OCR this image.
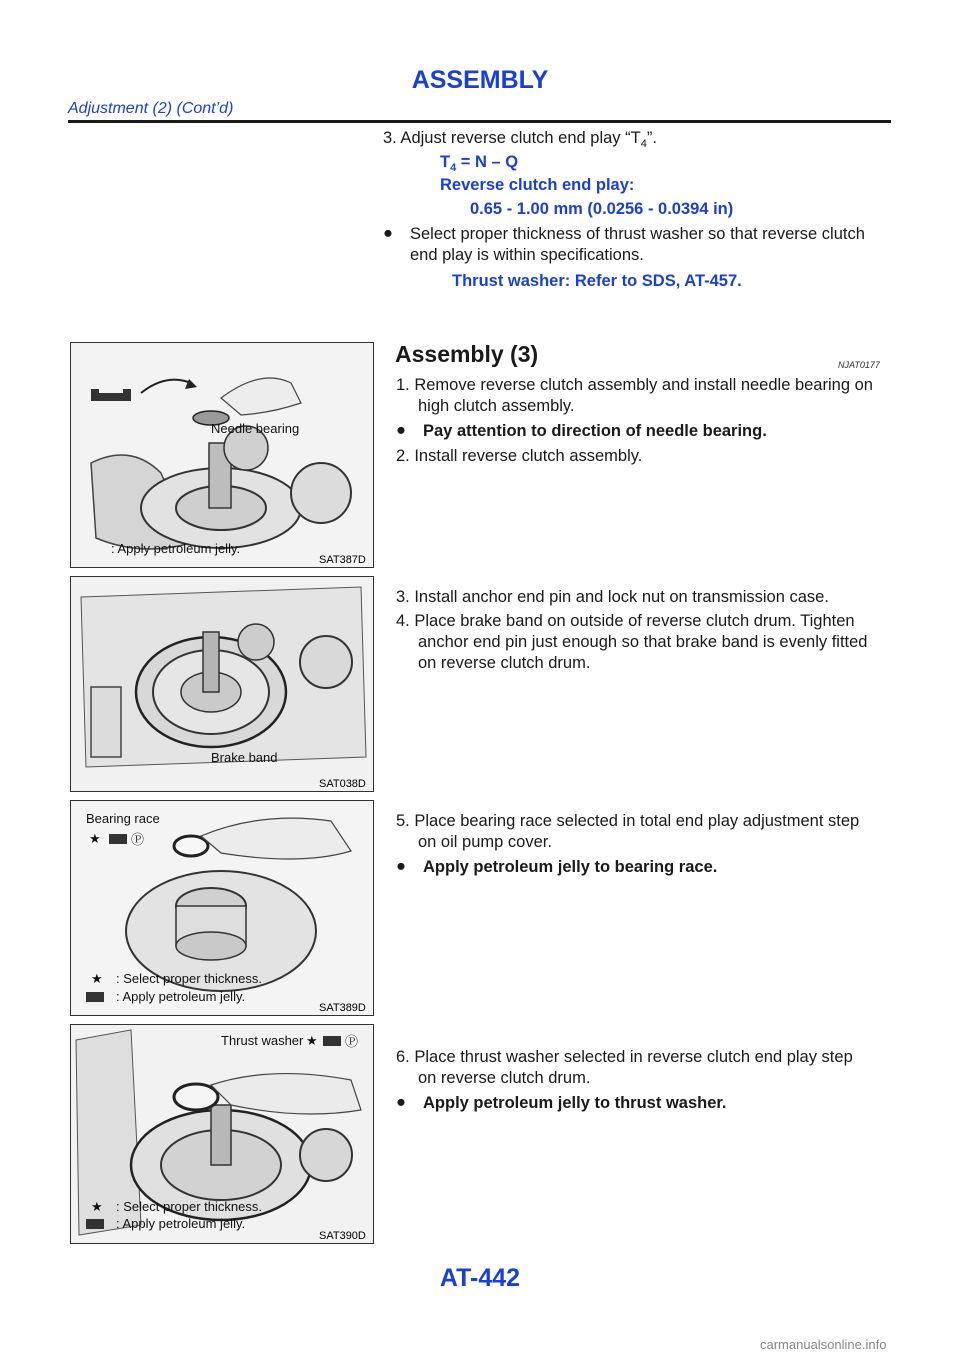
ASSEMBLY
Adjustment (2) (Cont’d)
3. Adjust reverse clutch end play “$T_4$”.
$T_4 = N - Q$
Reverse clutch end play:
0.65 - 1.00 mm (0.0256 - 0.0394 in)
● Select proper thickness of thrust washer so that reverse clutch
end play is within specifications.
Thrust washer: Refer to SDS, AT-457.
Assembly (3)	NJAT0177
1. Remove reverse clutch assembly and install needle bearing on
high clutch assembly.
● Pay attention to direction of needle bearing.
2. Install reverse clutch assembly.
3. Install anchor end pin and lock nut on transmission case.
4. Place brake band on outside of reverse clutch drum. Tighten
anchor end pin just enough so that brake band is evenly fitted
on reverse clutch drum.
5. Place bearing race selected in total end play adjustment step
on oil pump cover.
● Apply petroleum jelly to bearing race.
6. Place thrust washer selected in reverse clutch end play step
on reverse clutch drum.
● Apply petroleum jelly to thrust washer.
Needle bearing
: Apply petroleum jelly.
SAT387D
Brake band
SAT038D
Bearing race
★ Ⓟ
★ : Select proper thickness.
: Apply petroleum jelly.
SAT389D
Thrust washer ★ Ⓟ
★ : Select proper thickness.
: Apply petroleum jelly.
SAT390D
AT-442
carmanualsonline.info
